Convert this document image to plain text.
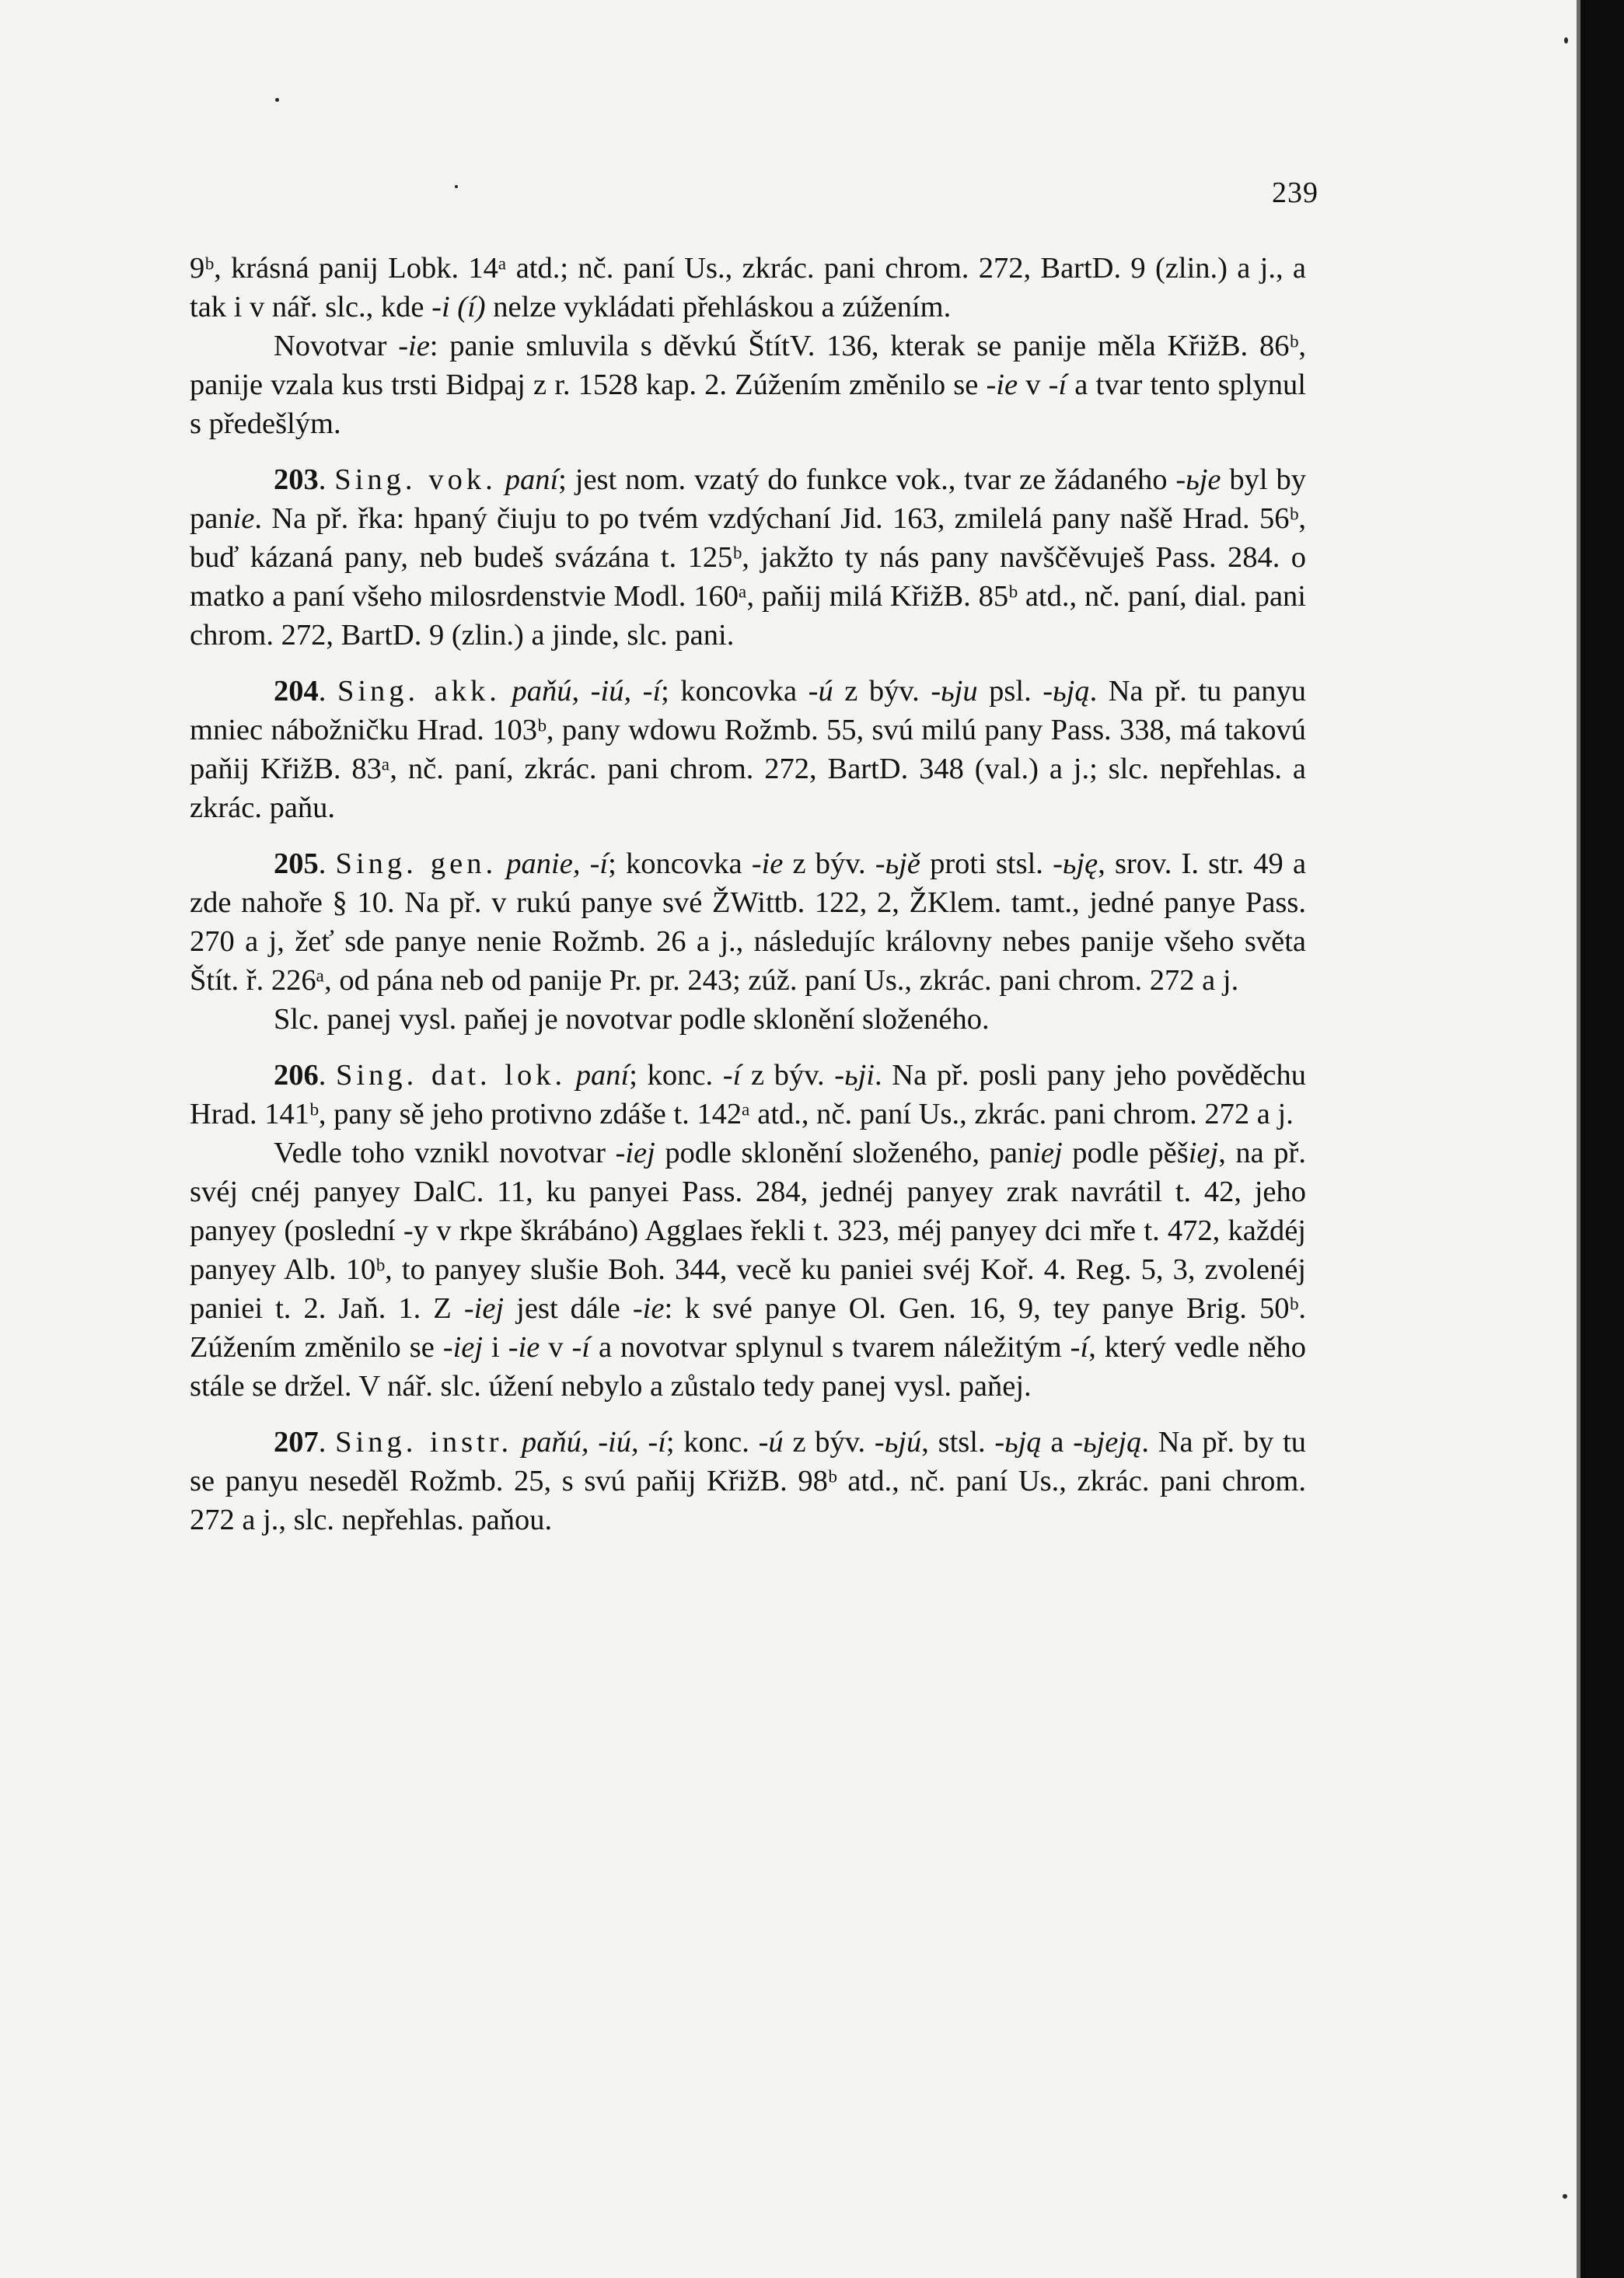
239

9ᵇ, krásná panij Lobk. 14ᵃ atd.; nč. paní Us., zkrác. pani chrom. 272, BartD. 9 (zlin.) a j., a tak i v nář. slc., kde -i (í) nelze vykládati přehláskou a zúžením.

Novotvar -ie: panie smluvila s děvkú ŠtítV. 136, kterak se panije měla KřižB. 86ᵇ, panije vzala kus trsti Bidpaj z r. 1528 kap. 2. Zúžením změnilo se -ie v -í a tvar tento splynul s předešlým.

203. Sing. vok. paní; jest nom. vzatý do funkce vok., tvar ze žádaného -ьje byl by panie. Na př. řka: hpaný čiuju to po tvém vzdýchaní Jid. 163, zmilelá pany našě Hrad. 56ᵇ, buď kázaná pany, neb budeš svázána t. 125ᵇ, jakžto ty nás pany navščěvuješ Pass. 284. o matko a paní všeho milosrdenstvie Modl. 160ᵃ, paňij milá KřižB. 85ᵇ atd., nč. paní, dial. pani chrom. 272, BartD. 9 (zlin.) a jinde, slc. pani.

204. Sing. akk. paňú, -iú, -í; koncovka -ú z býv. -ьju psl. -ьją. Na př. tu panyu mniec nábožničku Hrad. 103ᵇ, pany wdowu Rožmb. 55, svú milú pany Pass. 338, má takovú paňij KřižB. 83ᵃ, nč. paní, zkrác. pani chrom. 272, BartD. 348 (val.) a j.; slc. nepřehlas. a zkrác. paňu.

205. Sing. gen. panie, -í; koncovka -ie z býv. -ьjě proti stsl. -ьję, srov. I. str. 49 a zde nahoře § 10. Na př. v rukú panye své ŽWittb. 122, 2, ŽKlem. tamt., jedné panye Pass. 270 a j, žeť sde panye nenie Rožmb. 26 a j., následujíc královny nebes panije všeho světa Štít. ř. 226ᵃ, od pána neb od panije Pr. pr. 243; zúž. paní Us., zkrác. pani chrom. 272 a j.

Slc. panej vysl. paňej je novotvar podle sklonění složeného.

206. Sing. dat. lok. paní; konc. -í z býv. -ьji. Na př. posli pany jeho pověděchu Hrad. 141ᵇ, pany sě jeho protivno zdáše t. 142ᵃ atd., nč. paní Us., zkrác. pani chrom. 272 a j.

Vedle toho vznikl novotvar -iej podle sklonění složeného, paniej podle pěšiej, na př. svéj cnéj panyey DalC. 11, ku panyei Pass. 284, jednéj panyey zrak navrátil t. 42, jeho panyey (poslední -y v rkpe škrábáno) Agglaes řekli t. 323, méj panyey dci mře t. 472, každéj panyey Alb. 10ᵇ, to panyey slušie Boh. 344, vecě ku paniei svéj Koř. 4. Reg. 5, 3, zvolenéj paniei t. 2. Jaň. 1. Z -iej jest dále -ie: k své panye Ol. Gen. 16, 9, tey panye Brig. 50ᵇ. Zúžením změnilo se -iej i -ie v -í a novotvar splynul s tvarem náležitým -í, který vedle něho stále se držel. V nář. slc. úžení nebylo a zůstalo tedy panej vysl. paňej.

207. Sing. instr. paňú, -iú, -í; konc. -ú z býv. -ьjú, stsl. -ьją a -ьjeją. Na př. by tu se panyu neseděl Rožmb. 25, s svú paňij KřižB. 98ᵇ atd., nč. paní Us., zkrác. pani chrom. 272 a j., slc. nepřehlas. paňou.
